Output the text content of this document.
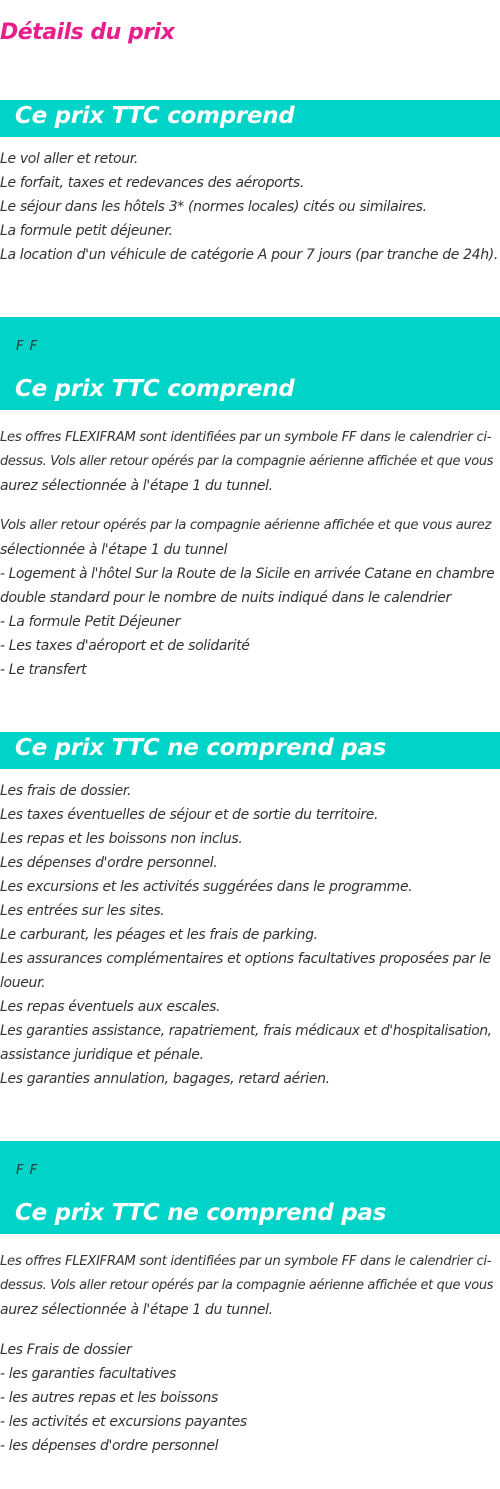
Détails du prix
Ce prix TTC comprend
Le vol aller et retour.
Le forfait, taxes et redevances des aéroports.
Le séjour dans les hôtels 3* (normes locales) cités ou similaires.
La formule petit déjeuner.
La location d'un véhicule de catégorie A pour 7 jours (par tranche de 24h).
F F
Ce prix TTC comprend
Les offres FLEXIFRAM sont identifiées par un symbole FF dans le calendrier ci-
dessus. Vols aller retour opérés par la compagnie aérienne affichée et que vous
aurez sélectionnée à l'étape 1 du tunnel.
Vols aller retour opérés par la compagnie aérienne affichée et que vous aurez
sélectionnée à l'étape 1 du tunnel
- Logement à l'hôtel Sur la Route de la Sicile en arrivée Catane en chambre
double standard pour le nombre de nuits indiqué dans le calendrier
- La formule Petit Déjeuner
- Les taxes d'aéroport et de solidarité
- Le transfert
Ce prix TTC ne comprend pas
Les frais de dossier.
Les taxes éventuelles de séjour et de sortie du territoire.
Les repas et les boissons non inclus.
Les dépenses d'ordre personnel.
Les excursions et les activités suggérées dans le programme.
Les entrées sur les sites.
Le carburant, les péages et les frais de parking.
Les assurances complémentaires et options facultatives proposées par le
loueur.
Les repas éventuels aux escales.
Les garanties assistance, rapatriement, frais médicaux et d'hospitalisation,
assistance juridique et pénale.
Les garanties annulation, bagages, retard aérien.
F F
Ce prix TTC ne comprend pas
Les offres FLEXIFRAM sont identifiées par un symbole FF dans le calendrier ci-
dessus. Vols aller retour opérés par la compagnie aérienne affichée et que vous
aurez sélectionnée à l'étape 1 du tunnel.
Les Frais de dossier
- les garanties facultatives
- les autres repas et les boissons
- les activités et excursions payantes
- les dépenses d'ordre personnel
